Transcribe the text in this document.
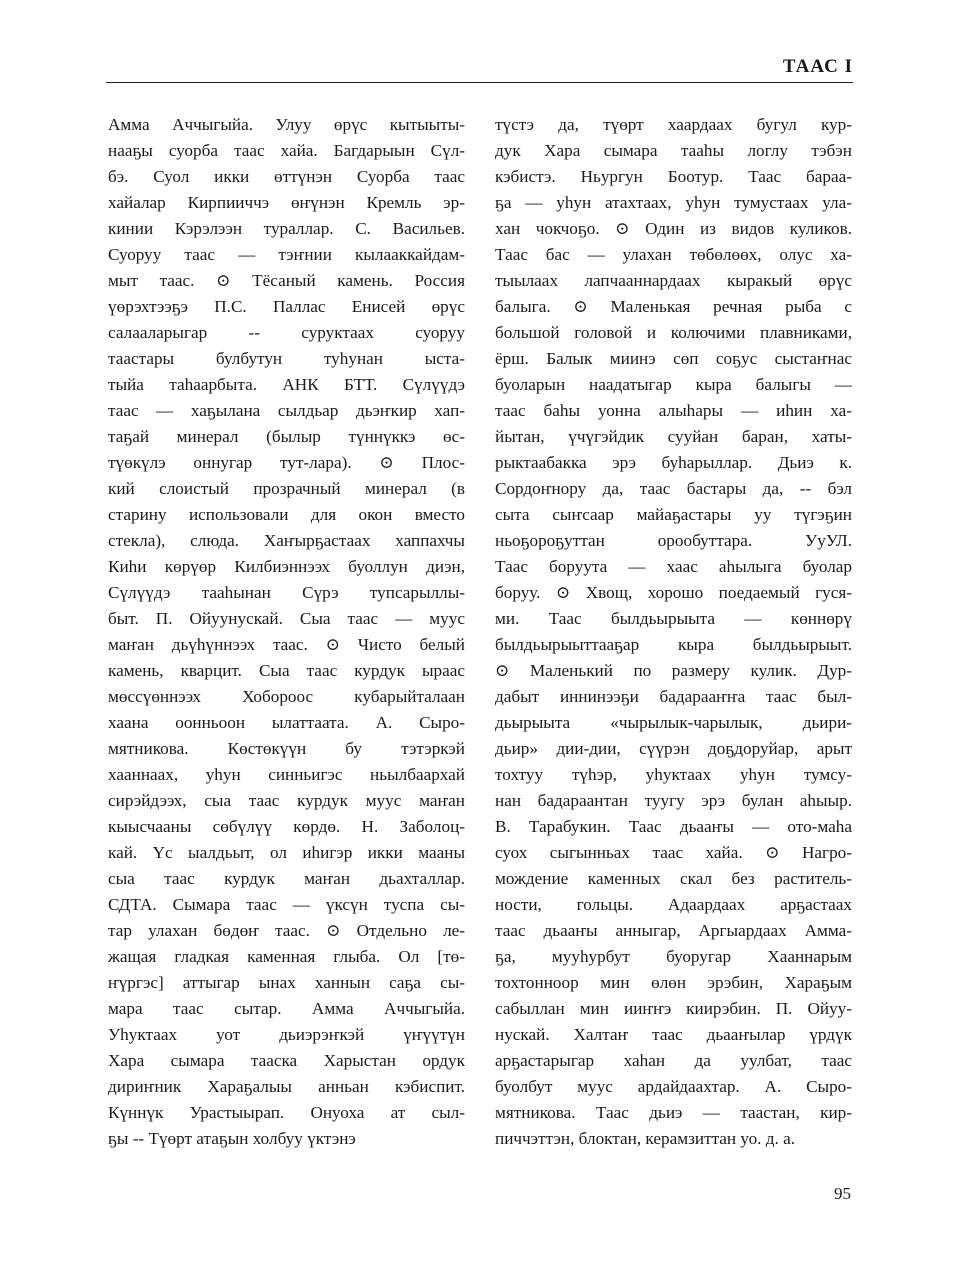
ТААС I
Амма Аччыгыйа. Улуу өрүс кытыыты-
нааҕы суорба таас хайа. Багдарыын Сүл-
бэ. Суол икки өттүнэн Суорба таас
хайалар Кирпииччэ өҥүнэн Кремль эр-
кинии Кэрэлээн тураллар. С. Васильев.
Суоруу таас — тэҥнии кылааккайдам-
мыт таас. ⊙ Тёсаный камень. Россия
үөрэхтээҕэ П.С. Паллас Енисей өрүс
салааларыгар -- суруктаах суоруу
таастары булбутун туһунан ыста-
тыйа таһаарбыта. АНК БТТ. Сүлүүдэ
таас — хаҕылана сылдьар дьэҥкир хап-
таҕай минерал (былыр түннүккэ өс-
түөкүлэ оннугар тут-лара). ⊙ Плос-
кий слоистый прозрачный минерал (в
старину использовали для окон вместо
стекла), слюда. Хаҥырҕастаах хаппахчы
Киһи көрүөр Килбиэннээх буоллун диэн,
Сүлүүдэ тааһынан Сүрэ тупсарыллы-
быт. П. Ойуунускай. Сыа таас — муус
маҥан дьүһүннээх таас. ⊙ Чисто белый
камень, кварцит. Сыа таас курдук ыраас
мөссүөннээх Хобороос кубарыйталаан
хаана оонньоон ылаттаата. А. Сыро-
мятникова. Көстөкүүн бу тэтэркэй
хааннаах, уһун синньигэс ньылбаархай
сирэйдээх, сыа таас курдук муус маҥан
кыысчааны сөбүлүү көрдө. Н. Заболоц-
кай. Үс ыалдьыт, ол иһигэр икки мааны
сыа таас курдук маҥан дьахталлар.
СДТА. Сымара таас — үксүн туспа сы-
тар улахан бөдөҥ таас. ⊙ Отдельно ле-
жащая гладкая каменная глыба. Ол [тө-
ҥүргэс] аттыгар ынах ханнын саҕа сы-
мара таас сытар. Амма Аччыгыйа.
Уһуктаах уот дьиэрэҥкэй үҥүүтүн
Хара сымара тааска Харыстан ордук
дириҥник Хараҕалыы анньан кэбиспит.
Күннүк Урастыырап. Онуоха ат сыл-
ҕы -- Түөрт атаҕын холбуу үктэнэ
түстэ да, түөрт хаардаах бугул кур-
дук Хара сымара тааһы логлу тэбэн
кэбистэ. Ньургун Боотур. Таас бараа-
ҕа — уһун атахтаах, уһун тумустаах ула-
хан чокчоҕо. ⊙ Один из видов куликов.
Таас бас — улахан төбөлөөх, олус ха-
тыылаах лапчааннардаах кыракый өрүс
балыга. ⊙ Маленькая речная рыба с
большой головой и колючими плавниками,
ёрш. Балык миинэ сөп соҕус сыстаҥнас
буоларын наадатыгар кыра балыгы —
таас баһы уонна алыһары — иһин ха-
йытан, үчүгэйдик сууйан баран, хаты-
рыктаабакка эрэ буһарыллар. Дьиэ к.
Сордоҥнору да, таас бастары да, -- бэл
сыта сыҥсаар майаҕастары уу түгэҕин
ньоҕороҕуттан орообуттара. УуУЛ.
Таас боруута — хаас аһылыга буолар
боруу. ⊙ Хвощ, хорошо поедаемый гуся-
ми. Таас былдьырыыта — көннөрү
былдьырыыттааҕар кыра былдьырыыт.
⊙ Маленький по размеру кулик. Дур-
дабыт иннинээҕи бадарааҥҥа таас был-
дьырыыта «чырылык-чарылык, дьири-
дьир» дии-дии, сүүрэн доҕдоруйар, арыт
тохтуу түһэр, уһуктаах уһун тумсу-
нан бадараантан туугу эрэ булан аһыыр.
В. Тарабукин. Таас дьааҥы — ото-маһа
суох сыгынньах таас хайа. ⊙ Нагро-
мождение каменных скал без раститель-
ности, гольцы. Адаардаах арҕастаах
таас дьааҥы анныгар, Аргыардаах Амма-
ҕа, мууһурбут буоругар Хааннарым
тохтонноор мин өлөн эрэбин, Хараҕым
сабыллан мин ииҥҥэ киирэбин. П. Ойуу-
нускай. Халтаҥ таас дьааҥылар үрдүк
арҕастарыгар хаһан да уулбат, таас
буолбут муус ардайдаахтар. А. Сыро-
мятникова. Таас дьиэ — таастан, кир-
пиччэттэн, блоктан, керамзиттан уо. д. а.
95
